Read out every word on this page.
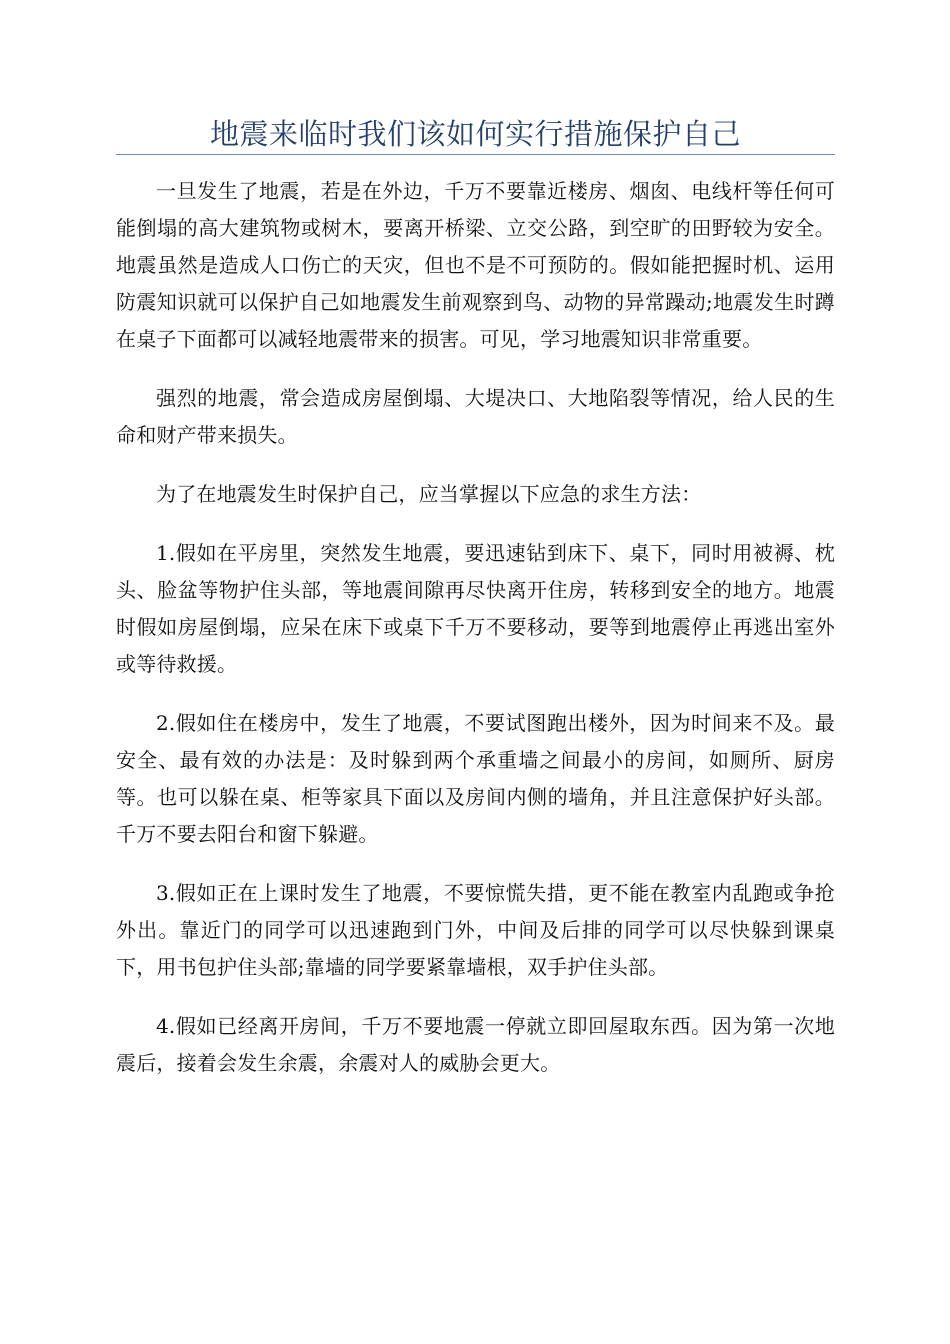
地震来临时我们该如何实行措施保护自己

一旦发生了地震，若是在外边，千万不要靠近楼房、烟囱、电线杆等任何可能倒塌的高大建筑物或树木，要离开桥梁、立交公路，到空旷的田野较为安全。地震虽然是造成人口伤亡的天灾，但也不是不可预防的。假如能把握时机、运用防震知识就可以保护自己如地震发生前观察到鸟、动物的异常躁动;地震发生时蹲在桌子下面都可以减轻地震带来的损害。可见，学习地震知识非常重要。

强烈的地震，常会造成房屋倒塌、大堤决口、大地陷裂等情况，给人民的生命和财产带来损失。

为了在地震发生时保护自己，应当掌握以下应急的求生方法：

1.假如在平房里，突然发生地震，要迅速钻到床下、桌下，同时用被褥、枕头、脸盆等物护住头部，等地震间隙再尽快离开住房，转移到安全的地方。地震时假如房屋倒塌，应呆在床下或桌下千万不要移动，要等到地震停止再逃出室外或等待救援。

2.假如住在楼房中，发生了地震，不要试图跑出楼外，因为时间来不及。最安全、最有效的办法是：及时躲到两个承重墙之间最小的房间，如厕所、厨房等。也可以躲在桌、柜等家具下面以及房间内侧的墙角，并且注意保护好头部。千万不要去阳台和窗下躲避。

3.假如正在上课时发生了地震，不要惊慌失措，更不能在教室内乱跑或争抢外出。靠近门的同学可以迅速跑到门外，中间及后排的同学可以尽快躲到课桌下，用书包护住头部;靠墙的同学要紧靠墙根，双手护住头部。

4.假如已经离开房间，千万不要地震一停就立即回屋取东西。因为第一次地震后，接着会发生余震，余震对人的威胁会更大。
